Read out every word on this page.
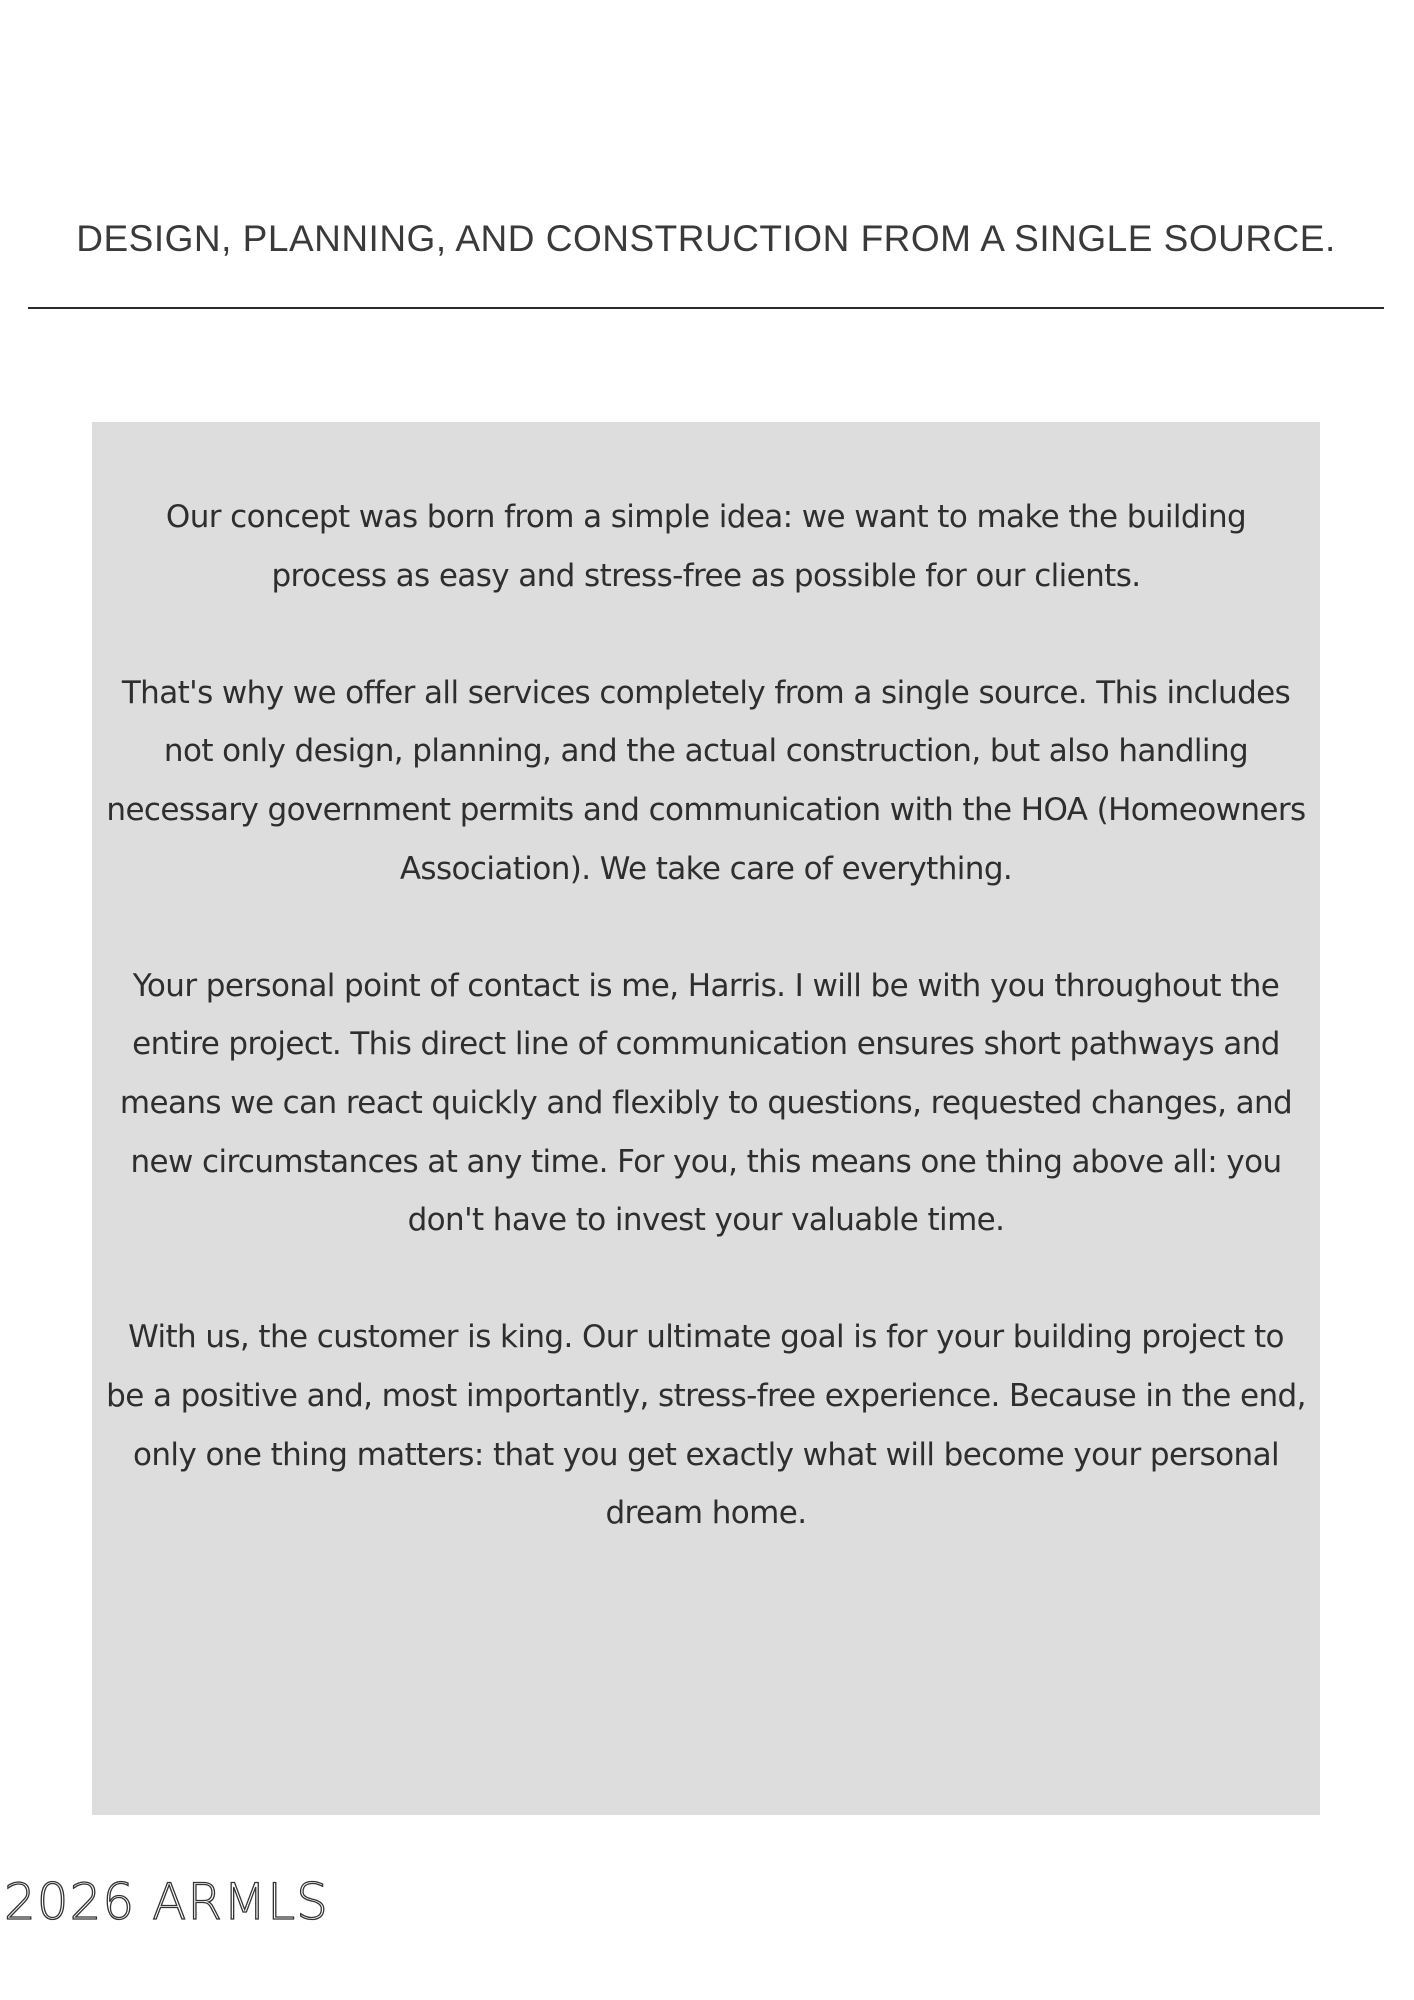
DESIGN, PLANNING, AND CONSTRUCTION FROM A SINGLE SOURCE.

Our concept was born from a simple idea: we want to make the building process as easy and stress-free as possible for our clients.

That's why we offer all services completely from a single source. This includes not only design, planning, and the actual construction, but also handling necessary government permits and communication with the HOA (Homeowners Association). We take care of everything.

Your personal point of contact is me, Harris. I will be with you throughout the entire project. This direct line of communication ensures short pathways and means we can react quickly and flexibly to questions, requested changes, and new circumstances at any time. For you, this means one thing above all: you don't have to invest your valuable time.

With us, the customer is king. Our ultimate goal is for your building project to be a positive and, most importantly, stress-free experience. Because in the end, only one thing matters: that you get exactly what will become your personal dream home.

2026 ARMLS
